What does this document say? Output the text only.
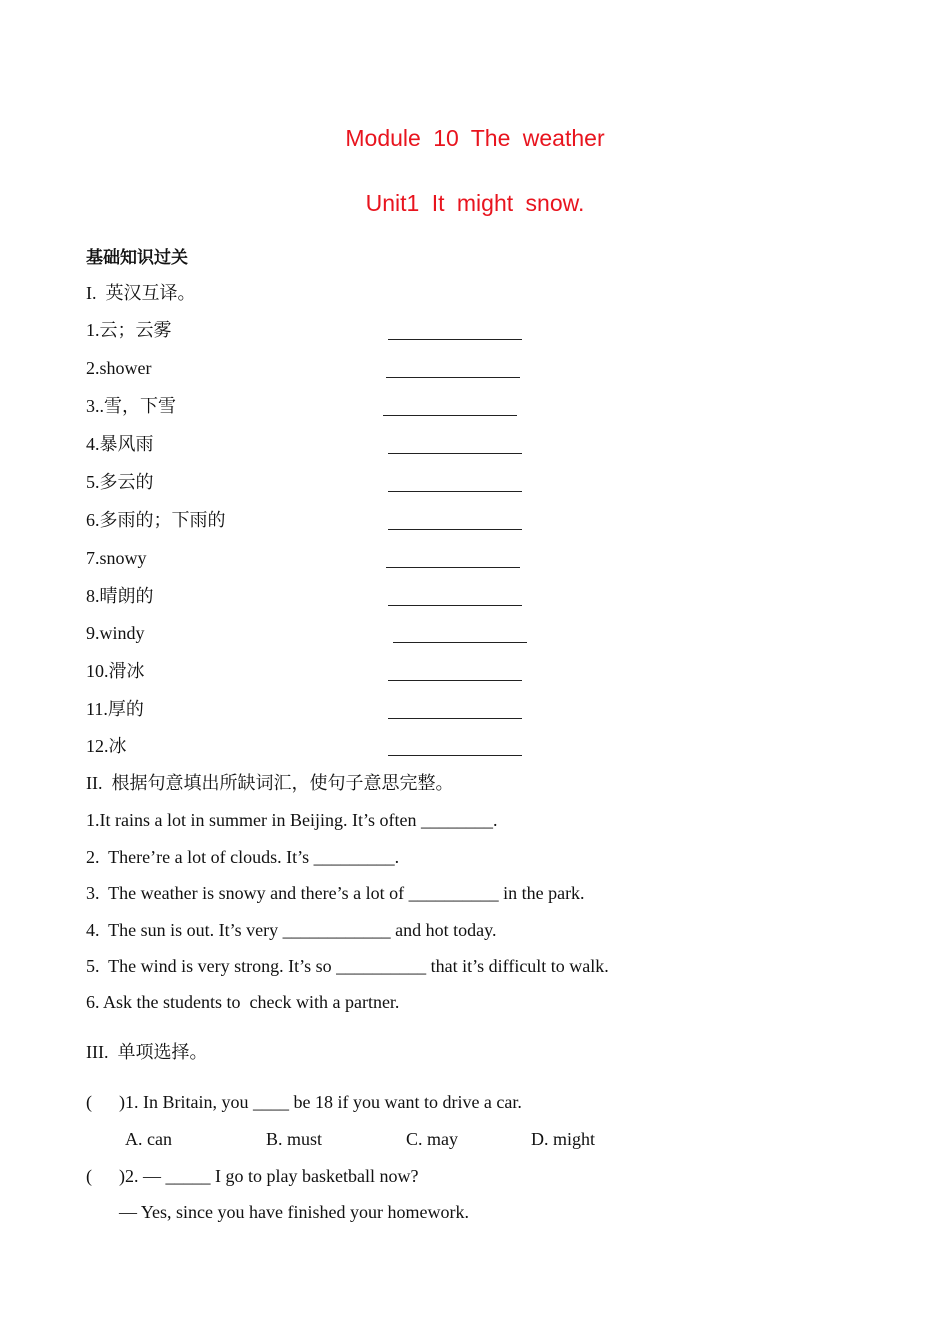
Module 10 The weather
Unit1 It might snow.
基础知识过关
I.  英汉互译。
1.云；云雾
2.shower
3..雪，下雪
4.暴风雨
5.多云的
6.多雨的；下雨的
7.snowy
8.晴朗的
9.windy
10.滑冰
11.厚的
12.冰
II.  根据句意填出所缺词汇，使句子意思完整。
1.It rains a lot in summer in Beijing. It’s often ________.
2.  There’re a lot of clouds. It’s _________.
3.  The weather is snowy and there’s a lot of __________ in the park.
4.  The sun is out. It’s very ____________ and hot today.
5.  The wind is very strong. It’s so __________ that it’s difficult to walk.
6. Ask the students to  check with a partner.
III.  单项选择。
(      )1. In Britain, you ____ be 18 if you want to drive a car.
A. can	B. must	C. may	D. might
(      )2. — _____ I go to play basketball now?
— Yes, since you have finished your homework.
